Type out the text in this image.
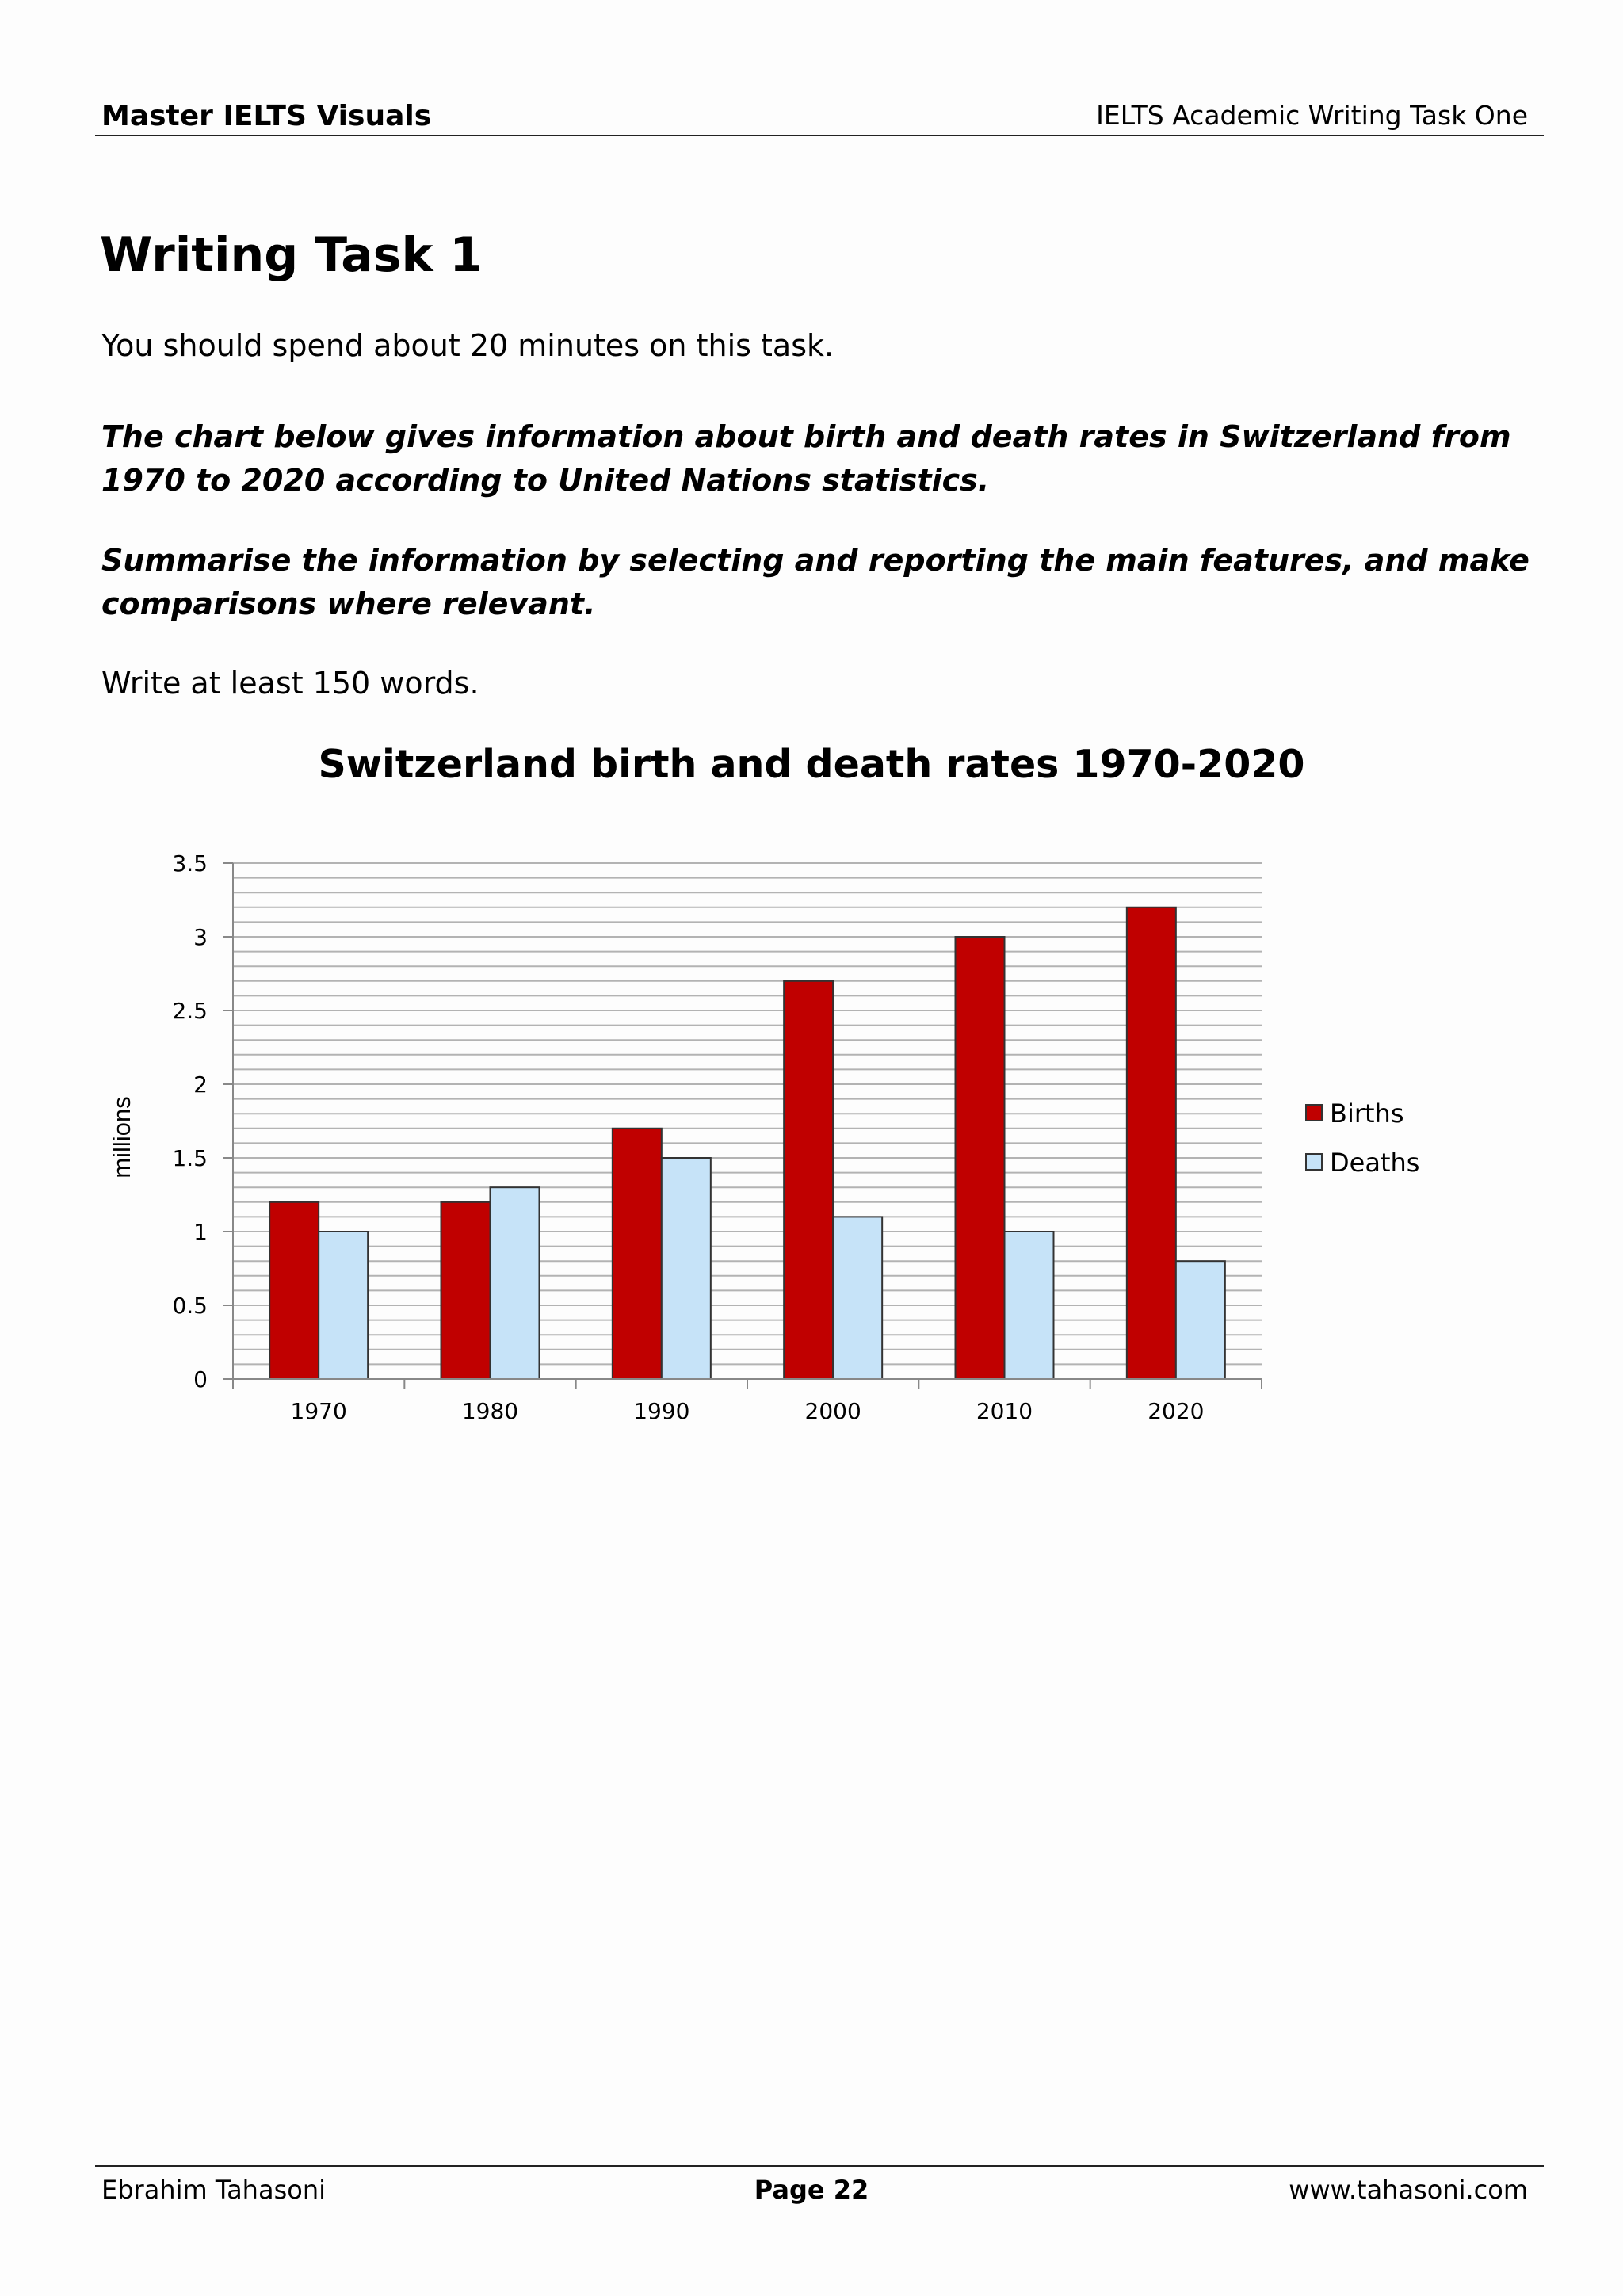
Master IELTS Visuals	IELTS Academic Writing Task One
Writing Task 1

You should spend about 20 minutes on this task.

The chart below gives information about birth and death rates in Switzerland from 1970 to 2020 according to United Nations statistics.

Summarise the information by selecting and reporting the main features, and make comparisons where relevant.

Write at least 150 words.

Switzerland birth and death rates 1970-2020
0
0.5
1
1.5
2
2.5
3
3.5
millions
1970	1980	1990	2000	2010	2020
Births
Deaths
Ebrahim Tahasoni	Page 22	www.tahasoni.com
